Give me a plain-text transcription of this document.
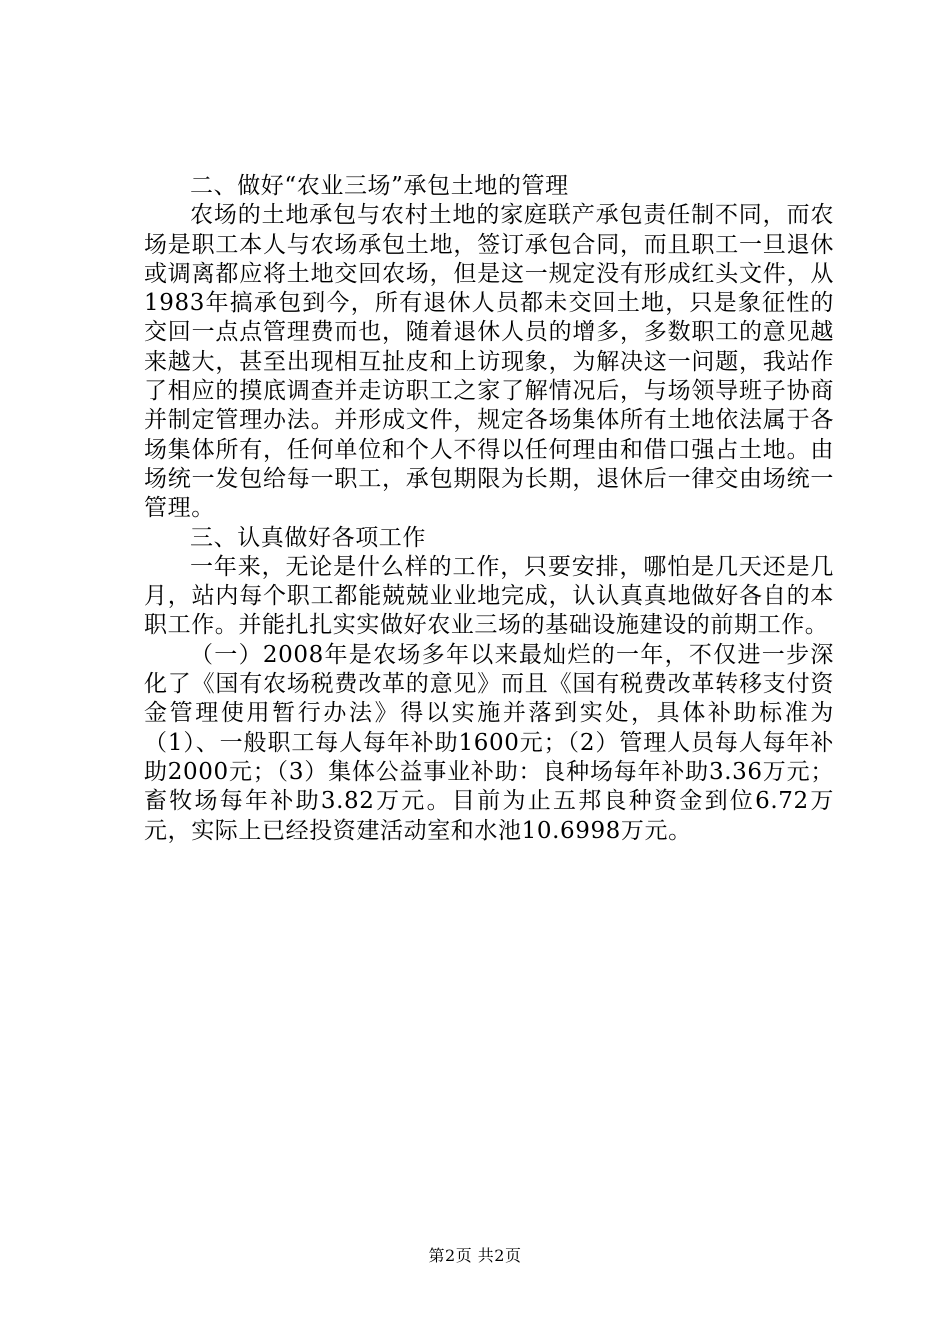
二、做好“农业三场”承包土地的管理

农场的土地承包与农村土地的家庭联产承包责任制不同，而农场是职工本人与农场承包土地，签订承包合同，而且职工一旦退休或调离都应将土地交回农场，但是这一规定没有形成红头文件，从1983年搞承包到今，所有退休人员都未交回土地，只是象征性的交回一点点管理费而也，随着退休人员的增多，多数职工的意见越来越大，甚至出现相互扯皮和上访现象，为解决这一问题，我站作了相应的摸底调查并走访职工之家了解情况后，与场领导班子协商并制定管理办法。并形成文件，规定各场集体所有土地依法属于各场集体所有，任何单位和个人不得以任何理由和借口强占土地。由场统一发包给每一职工，承包期限为长期，退休后一律交由场统一管理。

三、认真做好各项工作

一年来，无论是什么样的工作，只要安排，哪怕是几天还是几月，站内每个职工都能兢兢业业地完成，认认真真地做好各自的本职工作。并能扎扎实实做好农业三场的基础设施建设的前期工作。

（一）2008年是农场多年以来最灿烂的一年，不仅进一步深化了《国有农场税费改革的意见》而且《国有税费改革转移支付资金管理使用暂行办法》得以实施并落到实处，具体补助标准为（1）、一般职工每人每年补助1600元；（2）管理人员每人每年补助2000元；（3）集体公益事业补助：良种场每年补助3.36万元；畜牧场每年补助3.82万元。目前为止五邦良种资金到位6.72万元，实际上已经投资建活动室和水池10.6998万元。

第2页 共2页
